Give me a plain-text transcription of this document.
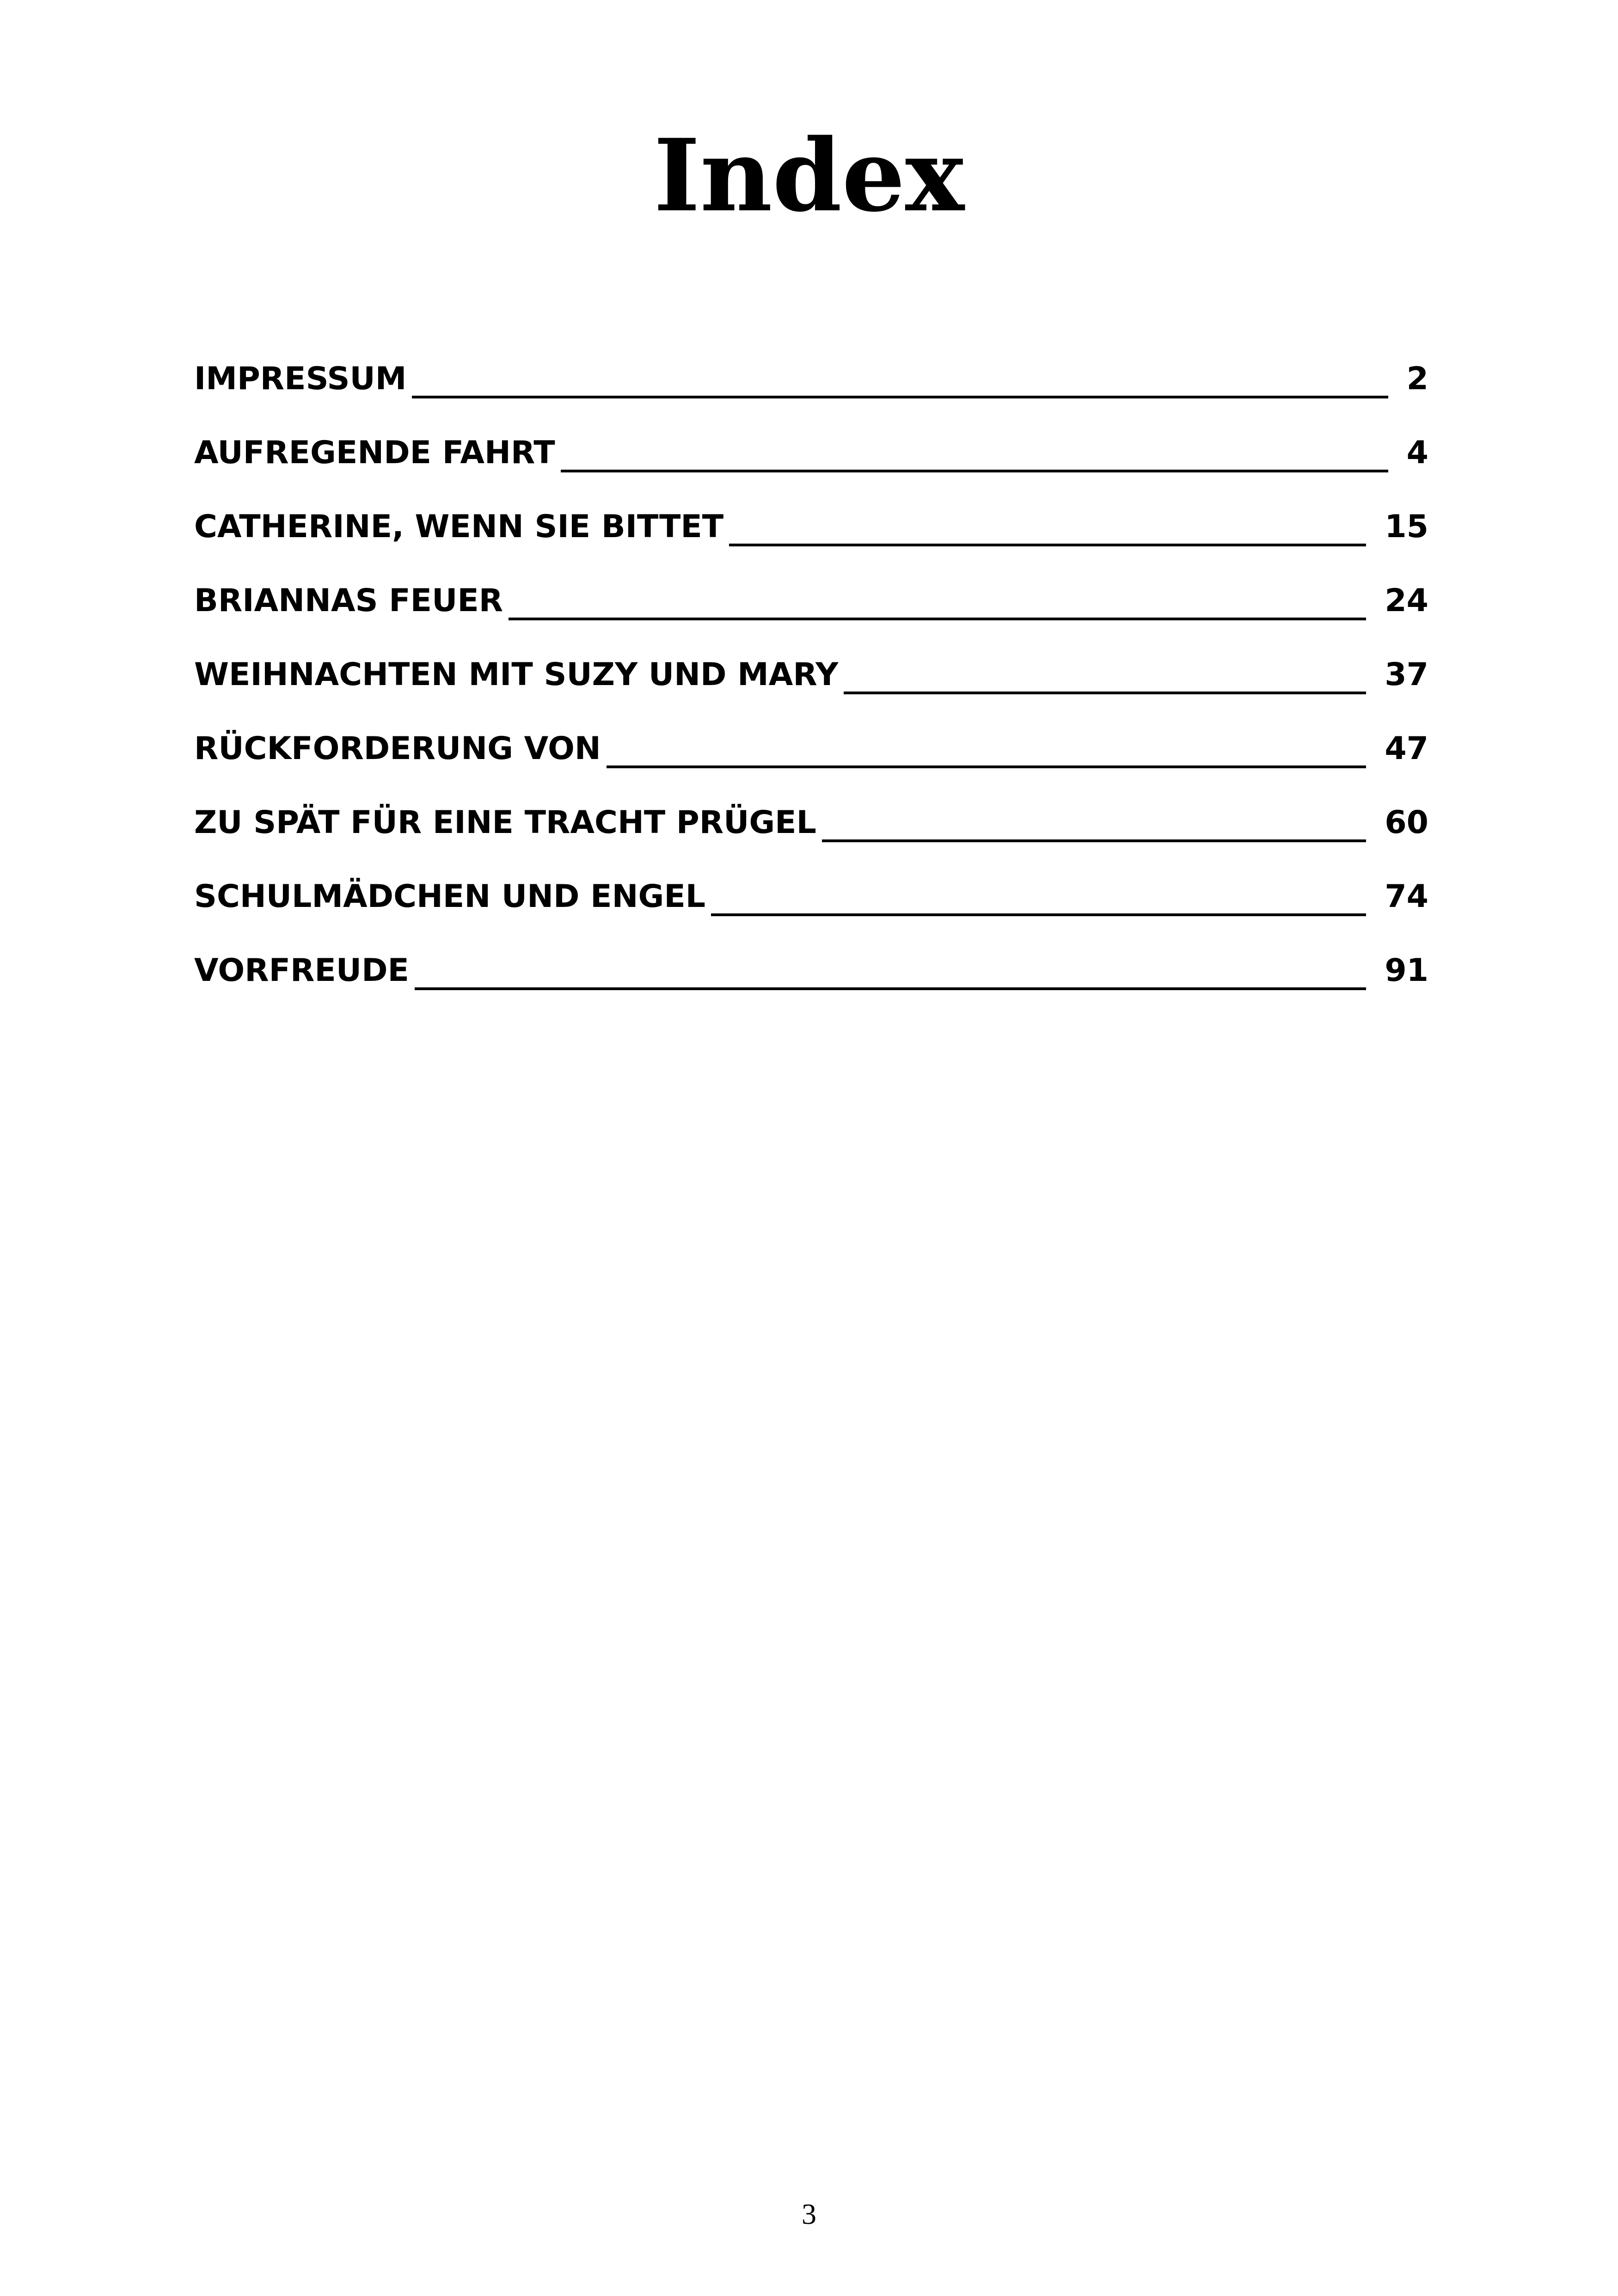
Index
IMPRESSUM	2
AUFREGENDE FAHRT	4
CATHERINE, WENN SIE BITTET	15
BRIANNAS FEUER	24
WEIHNACHTEN MIT SUZY UND MARY	37
RÜCKFORDERUNG VON	47
ZU SPÄT FÜR EINE TRACHT PRÜGEL	60
SCHULMÄDCHEN UND ENGEL	74
VORFREUDE	91
3
